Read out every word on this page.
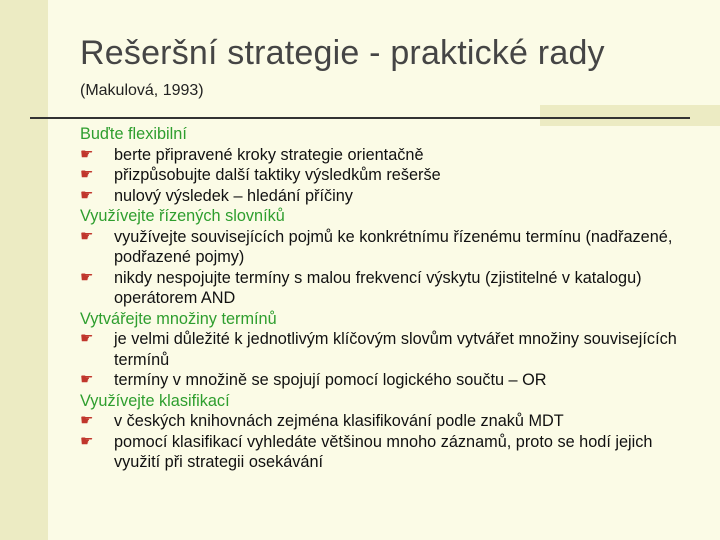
Rešeršní strategie - praktické rady
(Makulová, 1993)
Buďte flexibilní
☛ berte připravené kroky strategie orientačně
☛ přizpůsobujte další taktiky výsledkům rešerše
☛ nulový výsledek – hledání příčiny
Využívejte řízených slovníků
☛ využívejte souvisejících pojmů ke konkrétnímu řízenému termínu (nadřazené, podřazené pojmy)
☛ nikdy nespojujte termíny s malou frekvencí výskytu (zjistitelné v katalogu) operátorem AND
Vytvářejte množiny termínů
☛ je velmi důležité k jednotlivým klíčovým slovům vytvářet množiny souvisejících termínů
☛ termíny v množině se spojují pomocí logického součtu – OR
Využívejte klasifikací
☛ v českých knihovnách zejména klasifikování podle znaků MDT
☛ pomocí klasifikací vyhledáte většinou mnoho záznamů, proto se hodí jejich využití při strategii osekávání
